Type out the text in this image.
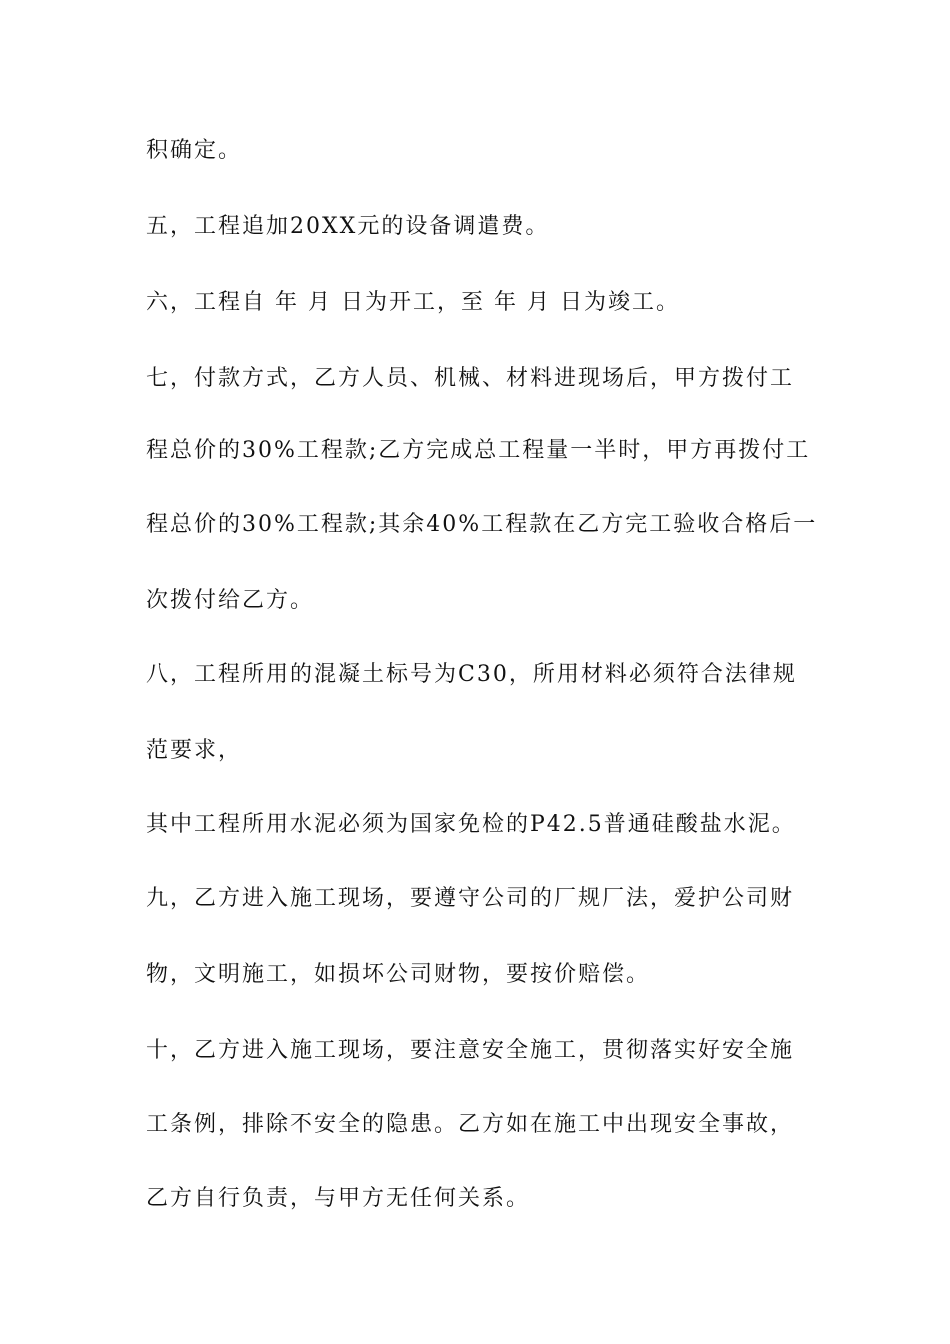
积确定。
五，工程追加20XX元的设备调遣费。
六，工程自 年 月 日为开工，至 年 月 日为竣工。
七，付款方式，乙方人员、机械、材料进现场后，甲方拨付工
程总价的30%工程款;乙方完成总工程量一半时，甲方再拨付工
程总价的30%工程款;其余40%工程款在乙方完工验收合格后一
次拨付给乙方。
八，工程所用的混凝土标号为C30，所用材料必须符合法律规
范要求，
其中工程所用水泥必须为国家免检的P42.5普通硅酸盐水泥。
九，乙方进入施工现场，要遵守公司的厂规厂法，爱护公司财
物，文明施工，如损坏公司财物，要按价赔偿。
十，乙方进入施工现场，要注意安全施工，贯彻落实好安全施
工条例，排除不安全的隐患。乙方如在施工中出现安全事故，
乙方自行负责，与甲方无任何关系。
